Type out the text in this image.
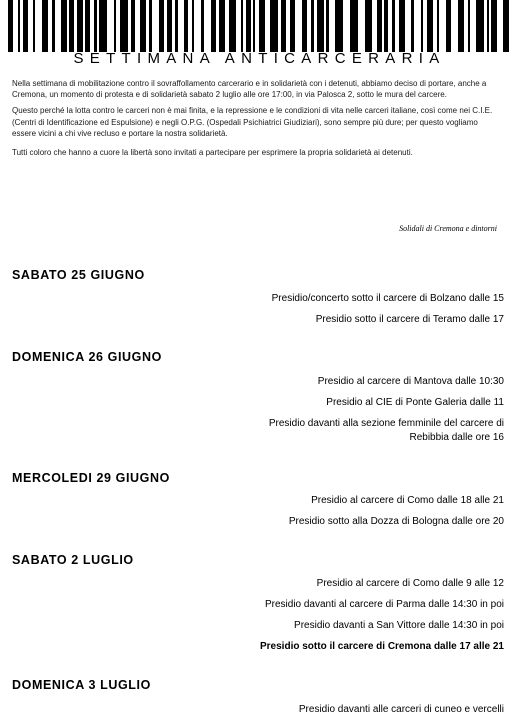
SETTIMANA ANTICARCERARIA

Nella settimana di mobilitazione contro il sovraffollamento carcerario e in solidarietà con i detenuti, abbiamo deciso di portare, anche a Cremona, un momento di protesta e di solidarietà sabato 2 luglio alle ore 17:00, in via Palosca 2, sotto le mura del carcere.

Questo perché la lotta contro le carceri non è mai finita, e la repressione e le condizioni di vita nelle carceri italiane, così come nei C.I.E. (Centri di Identificazione ed Espulsione) e negli O.P.G. (Ospedali Psichiatrici Giudiziari), sono sempre più dure; per questo vogliamo essere vicini a chi vive recluso e portare la nostra solidarietà.

Tutti coloro che hanno a cuore la libertà sono invitati a partecipare per esprimere la propria solidarietà ai detenuti.

Solidali di Cremona e dintorni
SABATO 25 GIUGNO
Presidio/concerto sotto il carcere di Bolzano dalle 15
Presidio sotto il carcere di Teramo dalle 17
DOMENICA 26 GIUGNO
Presidio al carcere di Mantova dalle 10:30
Presidio al CIE di Ponte Galeria dalle 11
Presidio davanti alla sezione femminile del carcere di Rebibbia dalle ore 16
MERCOLEDI 29 GIUGNO
Presidio al carcere di Como dalle 18 alle 21
Presidio sotto alla Dozza di Bologna dalle ore 20
SABATO 2 LUGLIO
Presidio al carcere di Como dalle 9 alle 12
Presidio davanti al carcere di Parma dalle 14:30 in poi
Presidio davanti a San Vittore dalle 14:30 in poi
Presidio sotto il carcere di Cremona dalle 17 alle 21
DOMENICA 3 LUGLIO
Presidio davanti alle carceri di cuneo e vercelli
